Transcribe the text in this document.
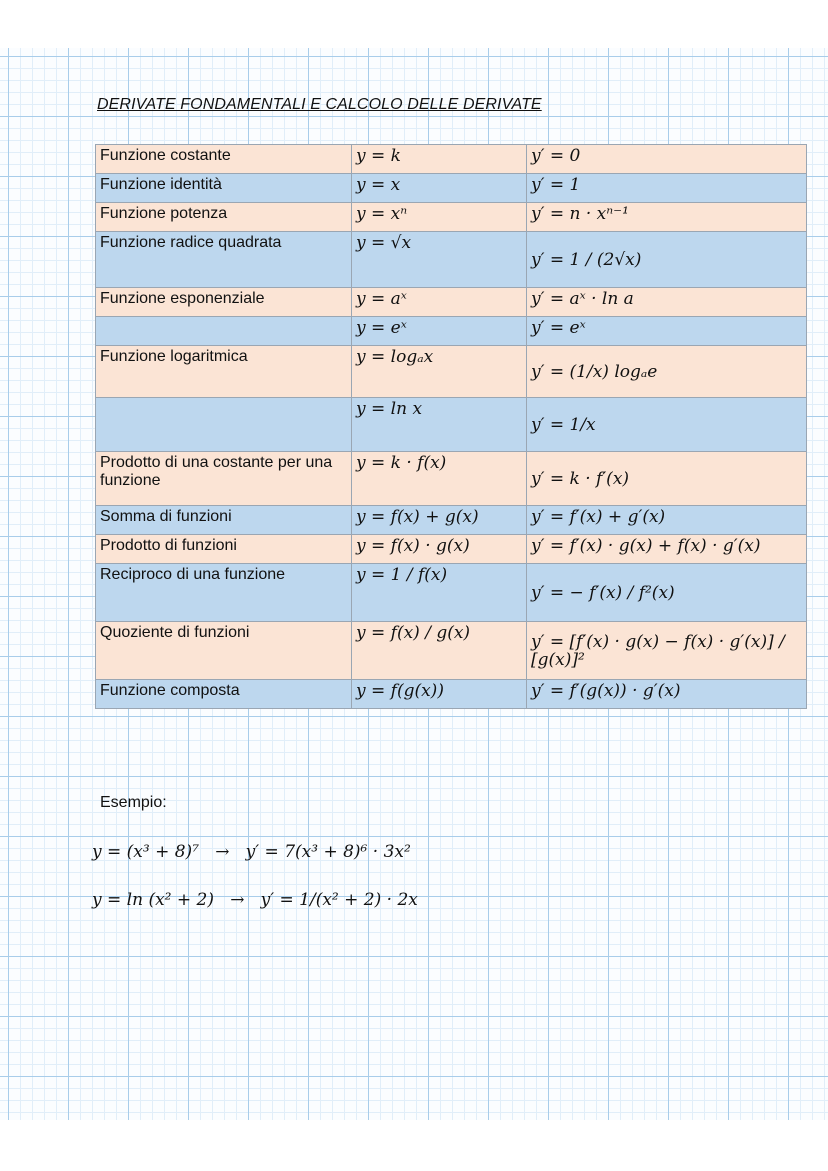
DERIVATE FONDAMENTALI E CALCOLO DELLE DERIVATE
Funzione costante	y = k	y′ = 0
Funzione identità	y = x	y′ = 1
Funzione potenza	y = xⁿ	y′ = n · xⁿ⁻¹
Funzione radice quadrata	y = √x	y′ = 1 / (2√x)
Funzione esponenziale	y = aˣ	y′ = aˣ · ln a
	y = eˣ	y′ = eˣ
Funzione logaritmica	y = logₐx	y′ = (1/x) logₐe
	y = ln x	y′ = 1/x
Prodotto di una costante per una funzione	y = k · f(x)	y′ = k · f′(x)
Somma di funzioni	y = f(x) + g(x)	y′ = f′(x) + g′(x)
Prodotto di funzioni	y = f(x) · g(x)	y′ = f′(x) · g(x) + f(x) · g′(x)
Reciproco di una funzione	y = 1 / f(x)	y′ = − f′(x) / f²(x)
Quoziente di funzioni	y = f(x) / g(x)	y′ = [f′(x) · g(x) − f(x) · g′(x)] / [g(x)]²
Funzione composta	y = f(g(x))	y′ = f′(g(x)) · g′(x)

Esempio:

y = (x³ + 8)⁷   →   y′ = 7(x³ + 8)⁶ · 3x²

y = ln (x² + 2)   →   y′ = 1/(x² + 2) · 2x
